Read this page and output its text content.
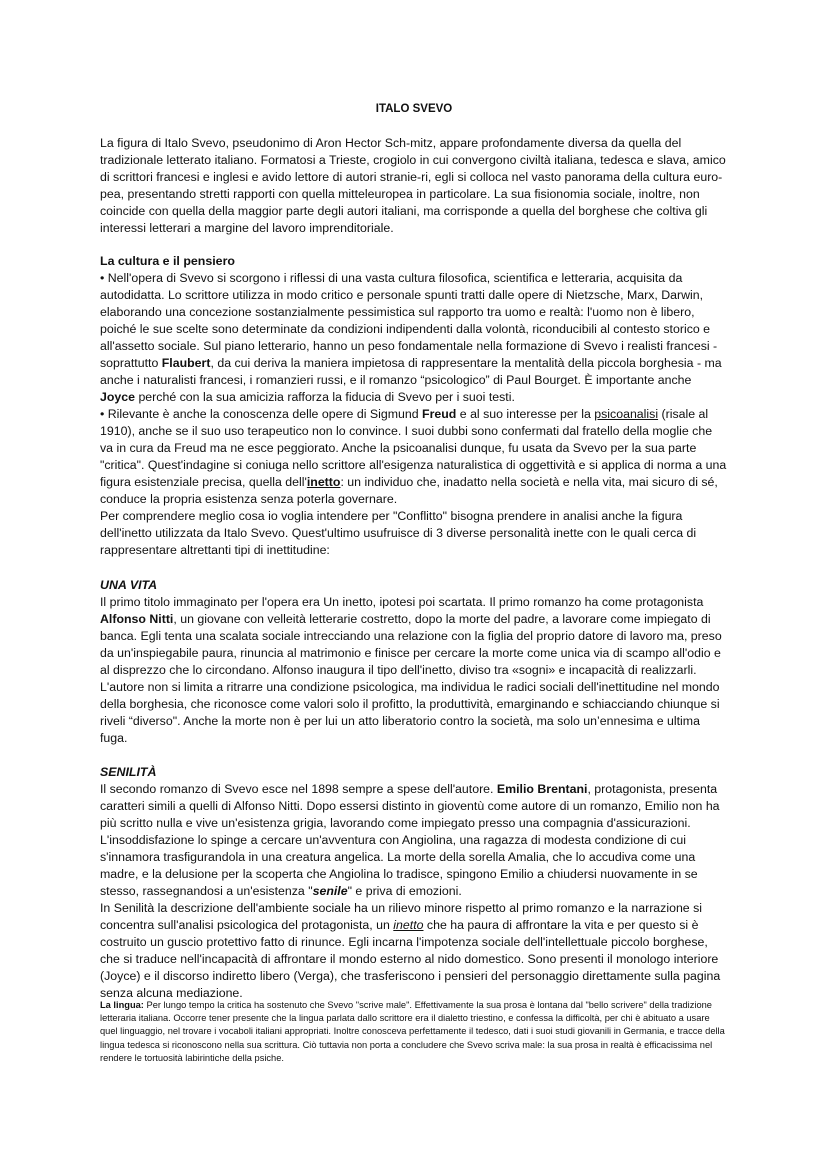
ITALO SVEVO

La figura di Italo Svevo, pseudonimo di Aron Hector Sch-mitz, appare profondamente diversa da quella del tradizionale letterato italiano. Formatosi a Trieste, crogiolo in cui convergono civiltà italiana, tedesca e slava, amico di scrittori francesi e inglesi e avido lettore di autori stranie-ri, egli si colloca nel vasto panorama della cultura euro-pea, presentando stretti rapporti con quella mitteleuropea in particolare. La sua fisionomia sociale, inoltre, non coincide con quella della maggior parte degli autori italiani, ma corrisponde a quella del borghese che coltiva gli interessi letterari a margine del lavoro imprenditoriale.

La cultura e il pensiero

• Nell'opera di Svevo si scorgono i riflessi di una vasta cultura filosofica, scientifica e letteraria, acquisita da autodidatta. Lo scrittore utilizza in modo critico e personale spunti tratti dalle opere di Nietzsche, Marx, Darwin, elaborando una concezione sostanzialmente pessimistica sul rapporto tra uomo e realtà: l'uomo non è libero, poiché le sue scelte sono determinate da condizioni indipendenti dalla volontà, riconducibili al contesto storico e all'assetto sociale. Sul piano letterario, hanno un peso fondamentale nella formazione di Svevo i realisti francesi - soprattutto Flaubert, da cui deriva la maniera impietosa di rappresentare la mentalità della piccola borghesia - ma anche i naturalisti francesi, i romanzieri russi, e il romanzo “psicologico” di Paul Bourget. È importante anche Joyce perché con la sua amicizia rafforza la fiducia di Svevo per i suoi testi.

• Rilevante è anche la conoscenza delle opere di Sigmund Freud e al suo interesse per la psicoanalisi (risale al 1910), anche se il suo uso terapeutico non lo convince. I suoi dubbi sono confermati dal fratello della moglie che va in cura da Freud ma ne esce peggiorato. Anche la psicoanalisi dunque, fu usata da Svevo per la sua parte "critica". Quest'indagine si coniuga nello scrittore all'esigenza naturalistica di oggettività e si applica di norma a una figura esistenziale precisa, quella dell'inetto: un individuo che, inadatto nella società e nella vita, mai sicuro di sé, conduce la propria esistenza senza poterla governare.

Per comprendere meglio cosa io voglia intendere per "Conflitto" bisogna prendere in analisi anche la figura dell'inetto utilizzata da Italo Svevo. Quest'ultimo usufruisce di 3 diverse personalità inette con le quali cerca di rappresentare altrettanti tipi di inettitudine:

UNA VITA

Il primo titolo immaginato per l'opera era Un inetto, ipotesi poi scartata. Il primo romanzo ha come protagonista Alfonso Nitti, un giovane con velleità letterarie costretto, dopo la morte del padre, a lavorare come impiegato di banca. Egli tenta una scalata sociale intrecciando una relazione con la figlia del proprio datore di lavoro ma, preso da un'inspiegabile paura, rinuncia al matrimonio e finisce per cercare la morte come unica via di scampo all'odio e al disprezzo che lo circondano. Alfonso inaugura il tipo dell'inetto, diviso tra «sogni» e incapacità di realizzarli. L'autore non si limita a ritrarre una condizione psicologica, ma individua le radici sociali dell'inettitudine nel mondo della borghesia, che riconosce come valori solo il profitto, la produttività, emarginando e schiacciando chiunque si riveli “diverso". Anche la morte non è per lui un atto liberatorio contro la società, ma solo un’ennesima e ultima fuga.

SENILITÀ

Il secondo romanzo di Svevo esce nel 1898 sempre a spese dell'autore. Emilio Brentani, protagonista, presenta caratteri simili a quelli di Alfonso Nitti. Dopo essersi distinto in gioventù come autore di un romanzo, Emilio non ha più scritto nulla e vive un'esistenza grigia, lavorando come impiegato presso una compagnia d'assicurazioni. L'insoddisfazione lo spinge a cercare un'avventura con Angiolina, una ragazza di modesta condizione di cui s'innamora trasfigurandola in una creatura angelica. La morte della sorella Amalia, che lo accudiva come una madre, e la delusione per la scoperta che Angiolina lo tradisce, spingono Emilio a chiudersi nuovamente in se stesso, rassegnandosi a un'esistenza "senile" e priva di emozioni.

In Senilità la descrizione dell'ambiente sociale ha un rilievo minore rispetto al primo romanzo e la narrazione si concentra sull'analisi psicologica del protagonista, un inetto che ha paura di affrontare la vita e per questo si è costruito un guscio protettivo fatto di rinunce. Egli incarna l'impotenza sociale dell'intellettuale piccolo borghese, che si traduce nell'incapacità di affrontare il mondo esterno al nido domestico. Sono presenti il monologo interiore (Joyce) e il discorso indiretto libero (Verga), che trasferiscono i pensieri del personaggio direttamente sulla pagina senza alcuna mediazione.

La lingua: Per lungo tempo la critica ha sostenuto che Svevo "scrive male". Effettivamente la sua prosa è lontana dal "bello scrivere" della tradizione letteraria italiana. Occorre tener presente che la lingua parlata dallo scrittore era il dialetto triestino, e confessa la difficoltà, per chi è abituato a usare quel linguaggio, nel trovare i vocaboli italiani appropriati. Inoltre conosceva perfettamente il tedesco, dati i suoi studi giovanili in Germania, e tracce della lingua tedesca si riconoscono nella sua scrittura. Ciò tuttavia non porta a concludere che Svevo scriva male: la sua prosa in realtà è efficacissima nel rendere le tortuosità labirintiche della psiche.
